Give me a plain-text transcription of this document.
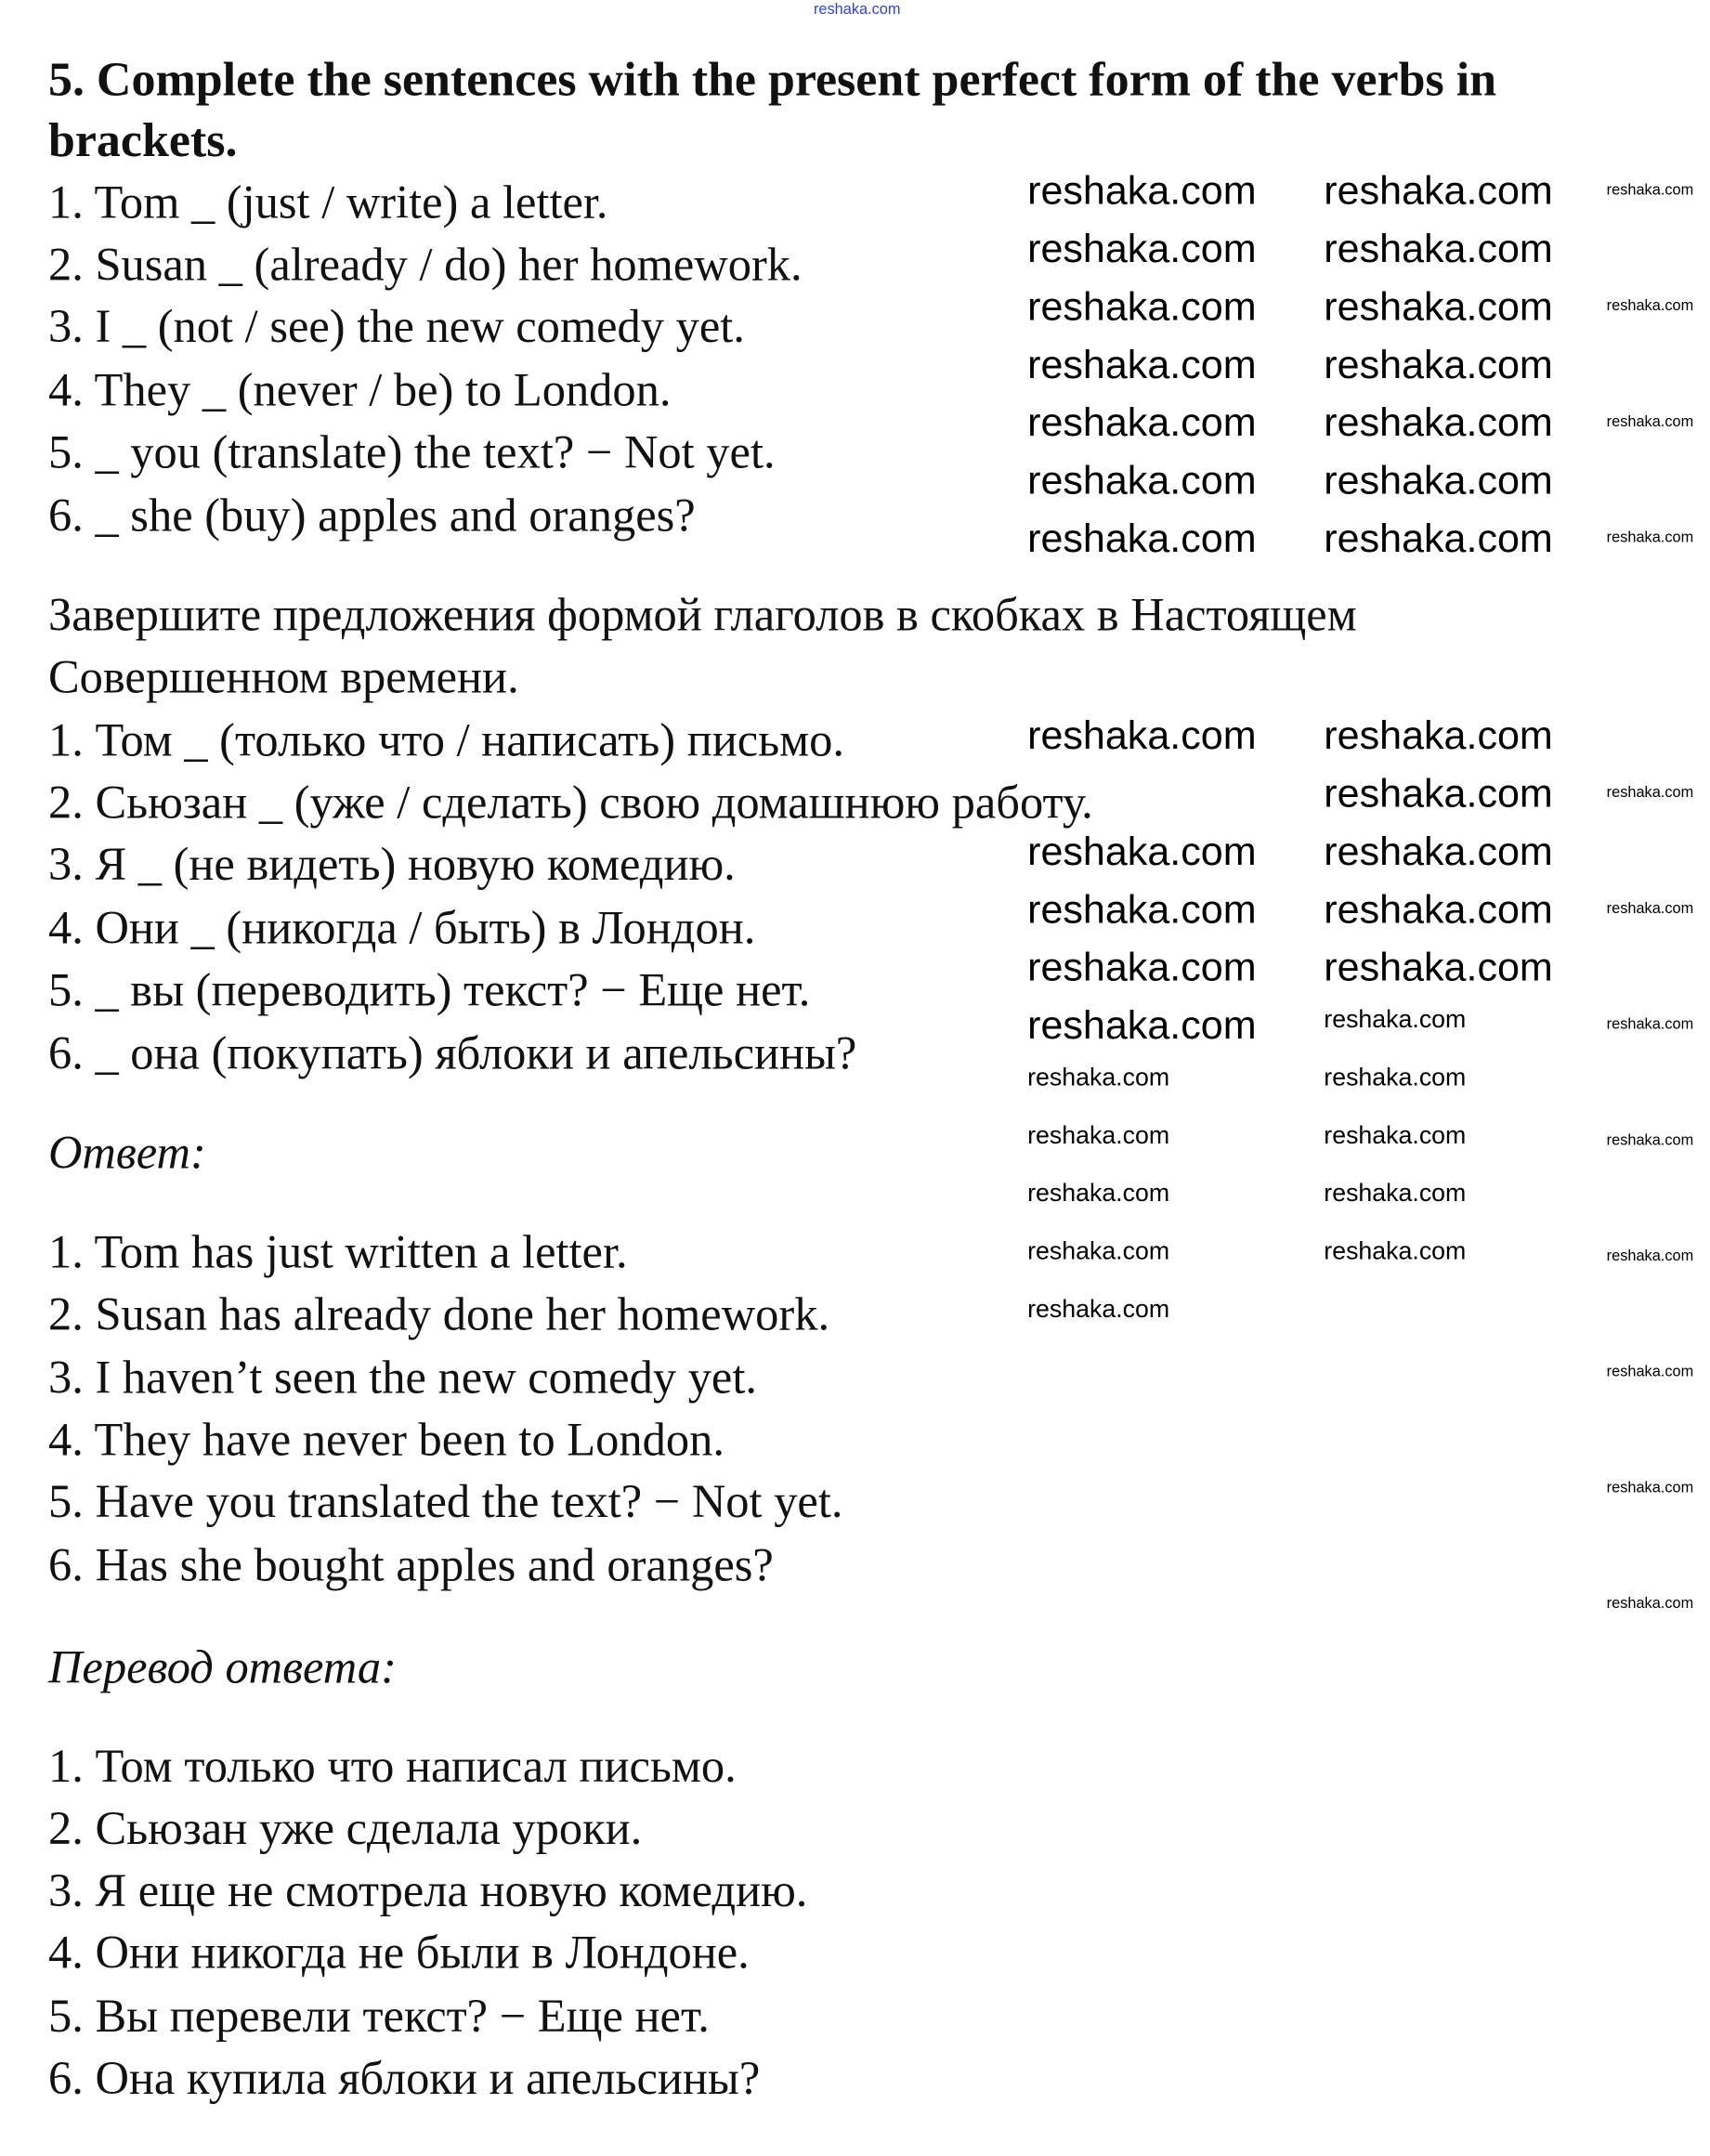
reshaka.com
5. Complete the sentences with the present perfect form of the verbs in
brackets.
1. Tom _ (just / write) a letter.
2. Susan _ (already / do) her homework.
3. I _ (not / see) the new comedy yet.
4. They _ (never / be) to London.
5. _ you (translate) the text? − Not yet.
6. _ she (buy) apples and oranges?
Завершите предложения формой глаголов в скобках в Настоящем
Совершенном времени.
1. Том _ (только что / написать) письмо.
2. Сьюзан _ (уже / сделать) свою домашнюю работу.
3. Я _ (не видеть) новую комедию.
4. Они _ (никогда / быть) в Лондон.
5. _ вы (переводить) текст? − Еще нет.
6. _ она (покупать) яблоки и апельсины?
Ответ:
1. Tom has just written a letter.
2. Susan has already done her homework.
3. I haven’t seen the new comedy yet.
4. They have never been to London.
5. Have you translated the text? − Not yet.
6. Has she bought apples and oranges?
Перевод ответа:
1. Том только что написал письмо.
2. Сьюзан уже сделала уроки.
3. Я еще не смотрела новую комедию.
4. Они никогда не были в Лондоне.
5. Вы перевели текст? − Еще нет.
6. Она купила яблоки и апельсины?
reshaka.com	reshaka.com
reshaka.com	reshaka.com
reshaka.com	reshaka.com
reshaka.com	reshaka.com
reshaka.com	reshaka.com
reshaka.com	reshaka.com
reshaka.com	reshaka.com
reshaka.com	reshaka.com
reshaka.com
reshaka.com	reshaka.com
reshaka.com	reshaka.com
reshaka.com	reshaka.com
reshaka.com	reshaka.com
reshaka.com	reshaka.com
reshaka.com	reshaka.com
reshaka.com	reshaka.com
reshaka.com	reshaka.com
reshaka.com
reshaka.com
reshaka.com
reshaka.com
reshaka.com
reshaka.com
reshaka.com
reshaka.com
reshaka.com
reshaka.com
reshaka.com
reshaka.com
reshaka.com
